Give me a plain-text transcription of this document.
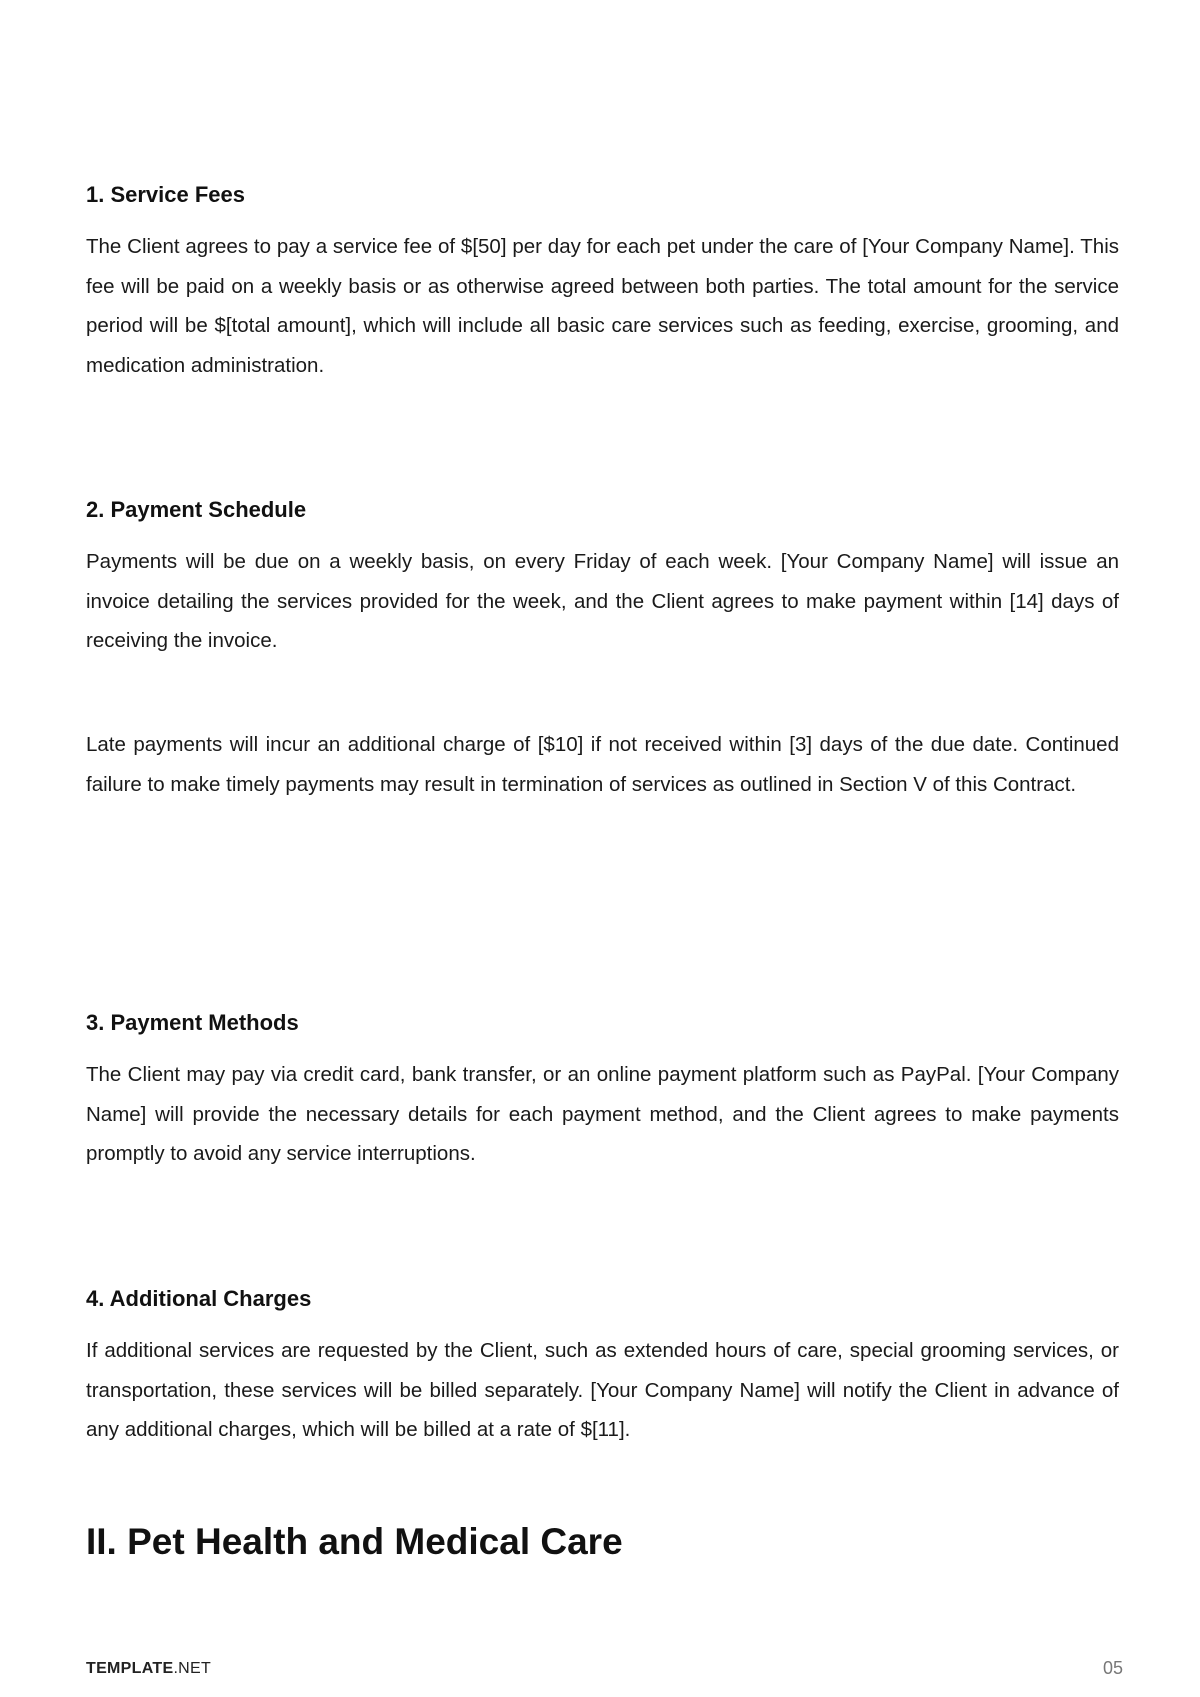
1. Service Fees

The Client agrees to pay a service fee of $[50] per day for each pet under the care of [Your Company Name]. This fee will be paid on a weekly basis or as otherwise agreed between both parties. The total amount for the service period will be $[total amount], which will include all basic care services such as feeding, exercise, grooming, and medication administration.

2. Payment Schedule

Payments will be due on a weekly basis, on every Friday of each week. [Your Company Name] will issue an invoice detailing the services provided for the week, and the Client agrees to make payment within [14] days of receiving the invoice.

Late payments will incur an additional charge of [$10] if not received within [3] days of the due date. Continued failure to make timely payments may result in termination of services as outlined in Section V of this Contract.

3. Payment Methods

The Client may pay via credit card, bank transfer, or an online payment platform such as PayPal. [Your Company Name] will provide the necessary details for each payment method, and the Client agrees to make payments promptly to avoid any service interruptions.

4. Additional Charges

If additional services are requested by the Client, such as extended hours of care, special grooming services, or transportation, these services will be billed separately. [Your Company Name] will notify the Client in advance of any additional charges, which will be billed at a rate of $[11].

II. Pet Health and Medical Care
TEMPLATE.NET	05
